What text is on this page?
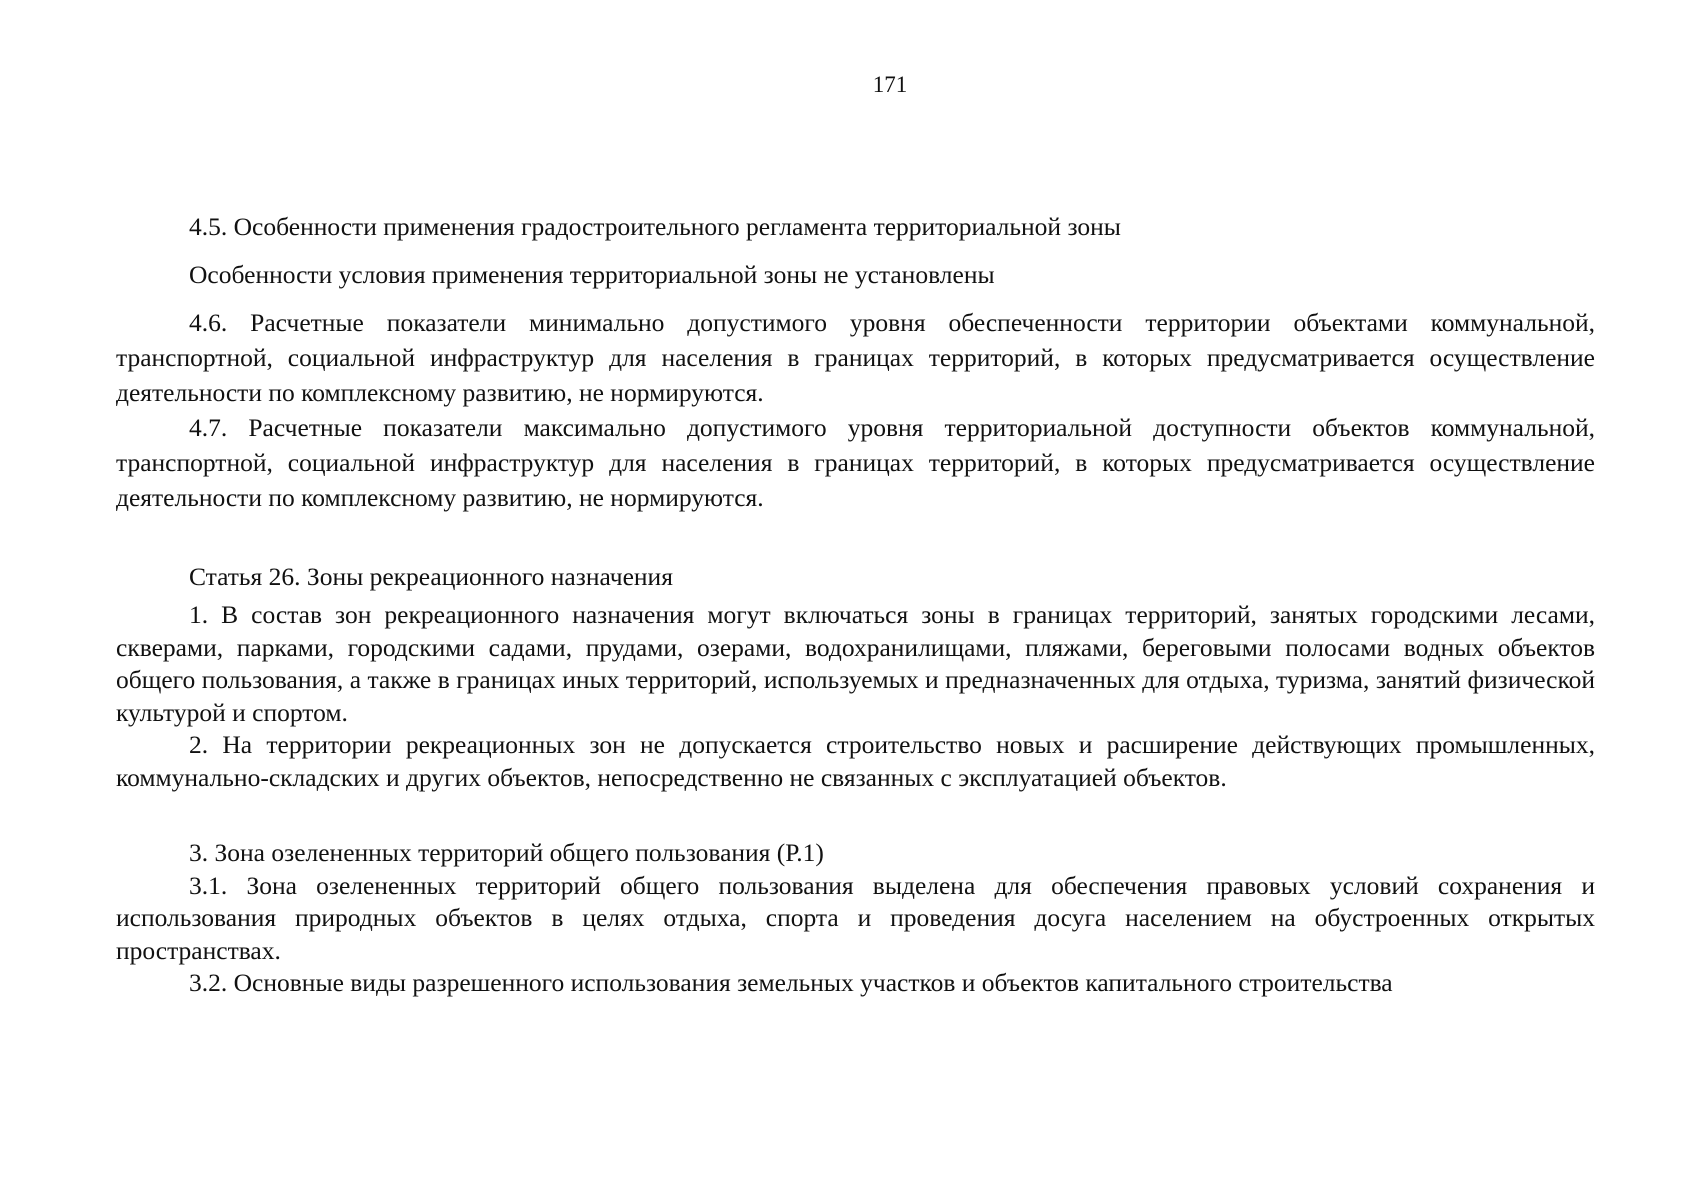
171

4.5. Особенности применения градостроительного регламента территориальной зоны

Особенности условия применения территориальной зоны не установлены

4.6. Расчетные показатели минимально допустимого уровня обеспеченности территории объектами коммунальной, транспортной, социальной инфраструктур для населения в границах территорий, в которых предусматривается осуществление деятельности по комплексному развитию, не нормируются.

4.7. Расчетные показатели максимально допустимого уровня территориальной доступности объектов коммунальной, транспортной, социальной инфраструктур для населения в границах территорий, в которых предусматривается осуществление деятельности по комплексному развитию, не нормируются.

Статья 26. Зоны рекреационного назначения

1. В состав зон рекреационного назначения могут включаться зоны в границах территорий, занятых городскими лесами, скверами, парками, городскими садами, прудами, озерами, водохранилищами, пляжами, береговыми полосами водных объектов общего пользования, а также в границах иных территорий, используемых и предназначенных для отдыха, туризма, занятий физической культурой и спортом.

2. На территории рекреационных зон не допускается строительство новых и расширение действующих промышленных, коммунально-складских и других объектов, непосредственно не связанных с эксплуатацией объектов.

3. Зона озелененных территорий общего пользования (Р.1)

3.1. Зона озелененных территорий общего пользования выделена для обеспечения правовых условий сохранения и использования природных объектов в целях отдыха, спорта и проведения досуга населением на обустроенных открытых пространствах.

3.2. Основные виды разрешенного использования земельных участков и объектов капитального строительства
